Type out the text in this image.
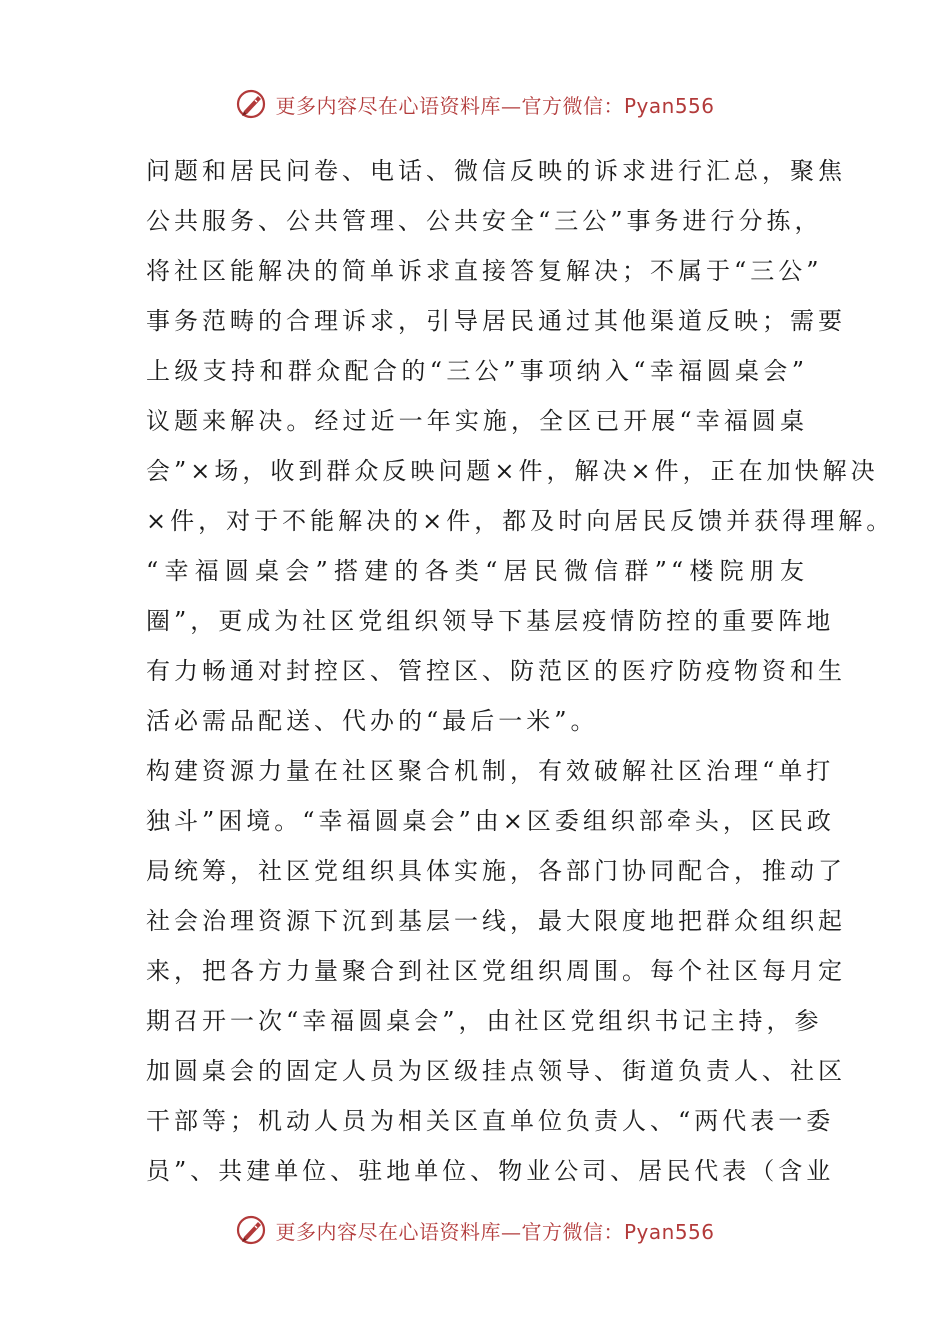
更多内容尽在心语资料库—官方微信：Pyan556
问题和居民问卷、电话、微信反映的诉求进行汇总，聚焦
公共服务、公共管理、公共安全“三公”事务进行分拣，
将社区能解决的简单诉求直接答复解决；不属于“三公”
事务范畴的合理诉求，引导居民通过其他渠道反映；需要
上级支持和群众配合的“三公”事项纳入“幸福圆桌会”
议题来解决。经过近一年实施，全区已开展“幸福圆桌
会”×场，收到群众反映问题×件，解决×件，正在加快解决
×件，对于不能解决的×件，都及时向居民反馈并获得理解。
“幸福圆桌会”搭建的各类“居民微信群”“楼院朋友
圈”，更成为社区党组织领导下基层疫情防控的重要阵地
有力畅通对封控区、管控区、防范区的医疗防疫物资和生
活必需品配送、代办的“最后一米”。
构建资源力量在社区聚合机制，有效破解社区治理“单打
独斗”困境。“幸福圆桌会”由×区委组织部牵头，区民政
局统筹，社区党组织具体实施，各部门协同配合，推动了
社会治理资源下沉到基层一线，最大限度地把群众组织起
来，把各方力量聚合到社区党组织周围。每个社区每月定
期召开一次“幸福圆桌会”，由社区党组织书记主持，参
加圆桌会的固定人员为区级挂点领导、街道负责人、社区
干部等；机动人员为相关区直单位负责人、“两代表一委
员”、共建单位、驻地单位、物业公司、居民代表（含业
更多内容尽在心语资料库—官方微信：Pyan556
